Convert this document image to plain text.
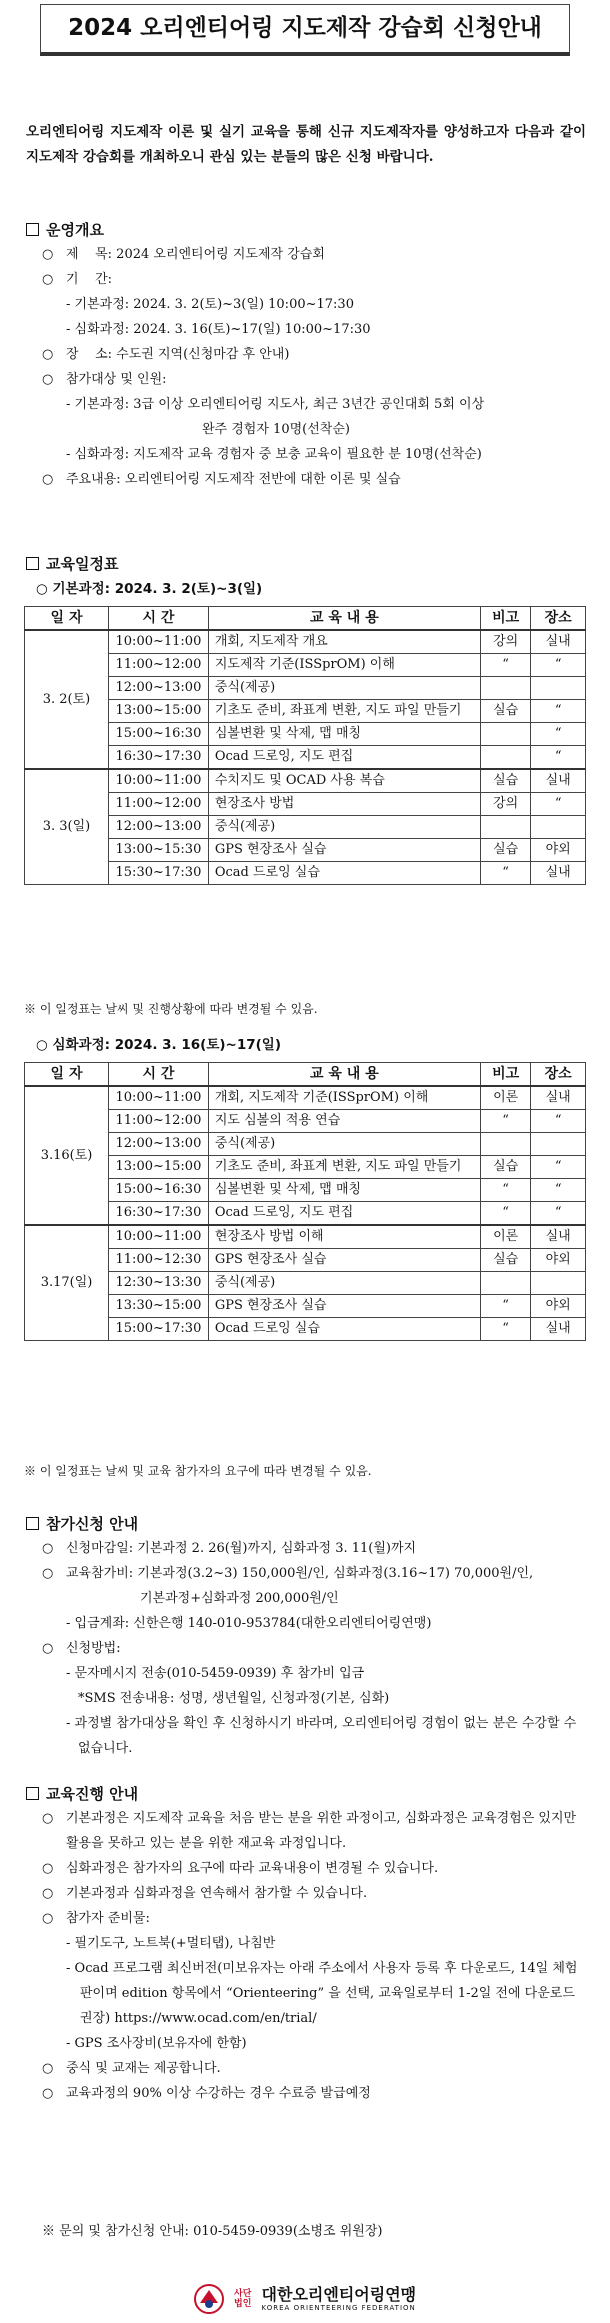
2024 오리엔티어링 지도제작 강습회 신청안내
오리엔티어링 지도제작 이론 및 실기 교육을 통해 신규 지도제작자를 양성하고자 다음과 같이 지도제작 강습회를 개최하오니 관심 있는 분들의 많은 신청 바랍니다.
운영개요
○ 제    목: 2024 오리엔티어링 지도제작 강습회
○ 기    간:
- 기본과정: 2024. 3. 2(토)~3(일) 10:00~17:30
- 심화과정: 2024. 3. 16(토)~17(일) 10:00~17:30
○ 장    소: 수도권 지역(신청마감 후 안내)
○ 참가대상 및 인원:
- 기본과정: 3급 이상 오리엔티어링 지도사, 최근 3년간 공인대회 5회 이상
완주 경험자 10명(선착순)
- 심화과정: 지도제작 교육 경험자 중 보충 교육이 필요한 분 10명(선착순)
○ 주요내용: 오리엔티어링 지도제작 전반에 대한 이론 및 실습
교육일정표
○ 기본과정: 2024. 3. 2(토)~3(일)
일 자	시 간	교 육 내 용	비고	장소
3. 2(토)	10:00~11:00	개회, 지도제작 개요	강의	실내
	11:00~12:00	지도제작 기준(ISSprOM) 이해	“	“
	12:00~13:00	중식(제공)		
	13:00~15:00	기초도 준비, 좌표계 변환, 지도 파일 만들기	실습	“
	15:00~16:30	심볼변환 및 삭제, 맵 매칭		“
	16:30~17:30	Ocad 드로잉, 지도 편집		“
3. 3(일)	10:00~11:00	수치지도 및 OCAD 사용 복습	실습	실내
	11:00~12:00	현장조사 방법	강의	“
	12:00~13:00	중식(제공)		
	13:00~15:30	GPS 현장조사 실습	실습	야외
	15:30~17:30	Ocad 드로잉 실습	“	실내
※ 이 일정표는 날씨 및 진행상황에 따라 변경될 수 있음.
○ 심화과정: 2024. 3. 16(토)~17(일)
일 자	시 간	교 육 내 용	비고	장소
3.16(토)	10:00~11:00	개회, 지도제작 기준(ISSprOM) 이해	이론	실내
	11:00~12:00	지도 심볼의 적용 연습	“	“
	12:00~13:00	중식(제공)		
	13:00~15:00	기초도 준비, 좌표계 변환, 지도 파일 만들기	실습	“
	15:00~16:30	심볼변환 및 삭제, 맵 매칭	“	“
	16:30~17:30	Ocad 드로잉, 지도 편집	“	“
3.17(일)	10:00~11:00	현장조사 방법 이해	이론	실내
	11:00~12:30	GPS 현장조사 실습	실습	야외
	12:30~13:30	중식(제공)		
	13:30~15:00	GPS 현장조사 실습	“	야외
	15:00~17:30	Ocad 드로잉 실습	“	실내
※ 이 일정표는 날씨 및 교육 참가자의 요구에 따라 변경될 수 있음.
참가신청 안내
○ 신청마감일: 기본과정 2. 26(월)까지, 심화과정 3. 11(월)까지
○ 교육참가비: 기본과정(3.2~3) 150,000원/인, 심화과정(3.16~17) 70,000원/인,
기본과정+심화과정 200,000원/인
- 입금계좌: 신한은행 140-010-953784(대한오리엔티어링연맹)
○ 신청방법:
- 문자메시지 전송(010-5459-0939) 후 참가비 입금
*SMS 전송내용: 성명, 생년월일, 신청과정(기본, 심화)
- 과정별 참가대상을 확인 후 신청하시기 바라며, 오리엔티어링 경험이 없는 분은 수강할 수 없습니다.
교육진행 안내
○ 기본과정은 지도제작 교육을 처음 받는 분을 위한 과정이고, 심화과정은 교육경험은 있지만 활용을 못하고 있는 분을 위한 재교육 과정입니다.
○ 심화과정은 참가자의 요구에 따라 교육내용이 변경될 수 있습니다.
○ 기본과정과 심화과정을 연속해서 참가할 수 있습니다.
○ 참가자 준비물:
- 필기도구, 노트북(+멀티탭), 나침반
- Ocad 프로그램 최신버전(미보유자는 아래 주소에서 사용자 등록 후 다운로드, 14일 체험판이며 edition 항목에서 “Orienteering” 을 선택, 교육일로부터 1-2일 전에 다운로드 권장) https://www.ocad.com/en/trial/
- GPS 조사장비(보유자에 한함)
○ 중식 및 교재는 제공합니다.
○ 교육과정의 90% 이상 수강하는 경우 수료증 발급예정
※ 문의 및 참가신청 안내: 010-5459-0939(소병조 위원장)
사단
법인
대한오리엔티어링연맹
KOREA ORIENTEERING FEDERATION
